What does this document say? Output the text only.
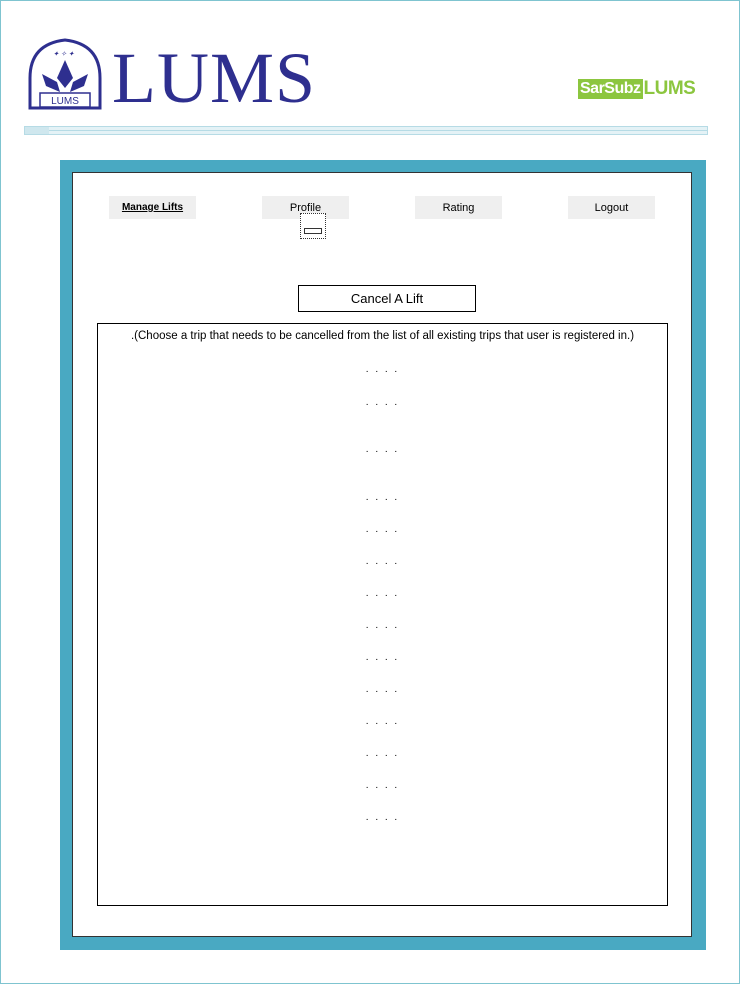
✦ ✧ ✦
LUMS LUMS	SarSubz LUMS
Manage Lifts	Profile	Rating	Logout
Cancel A Lift
.(Choose a trip that needs to be cancelled from the list of all existing trips that user is registered in.)
. . . .
. . . .
. . . .
. . . .
. . . .
. . . .
. . . .
. . . .
. . . .
. . . .
. . . .
. . . .
. . . .
. . . .
